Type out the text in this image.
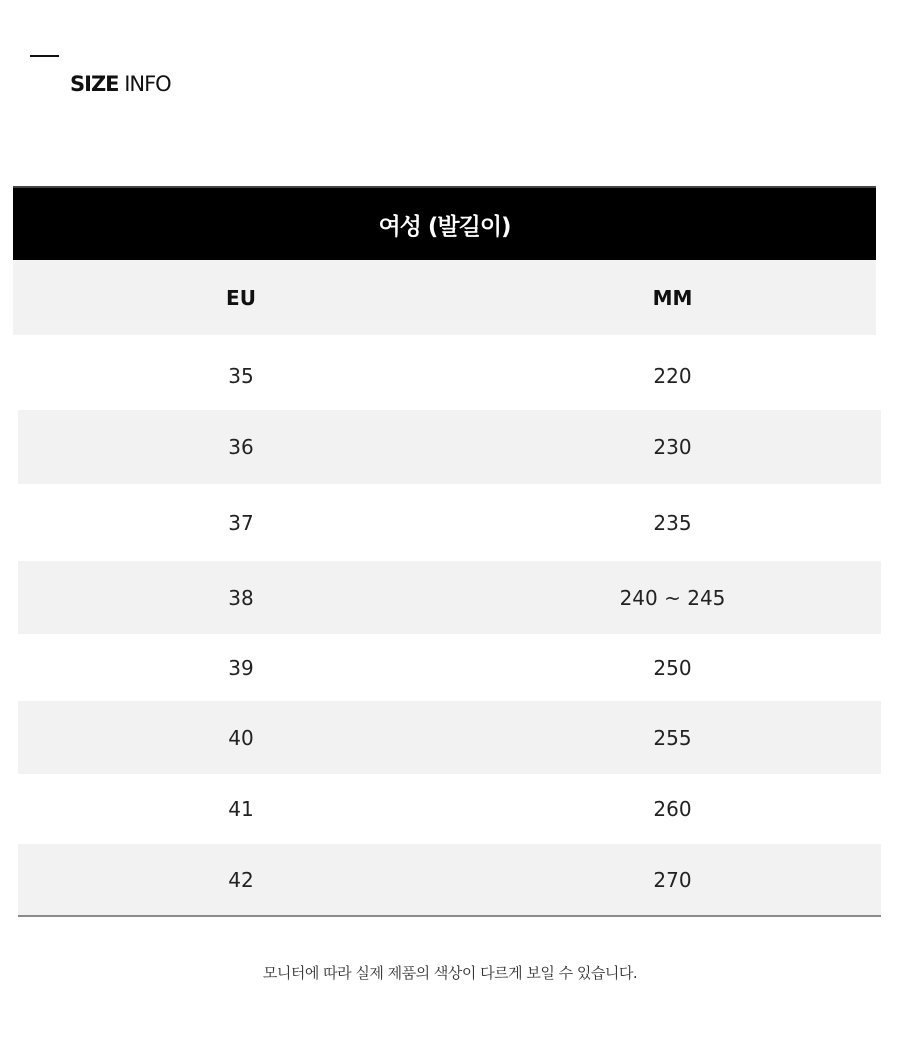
SIZE INFO
여성 (발길이)
EU	MM
35	220
36	230
37	235
38	240 ~ 245
39	250
40	255
41	260
42	270
모니터에 따라 실제 제품의 색상이 다르게 보일 수 있습니다.
